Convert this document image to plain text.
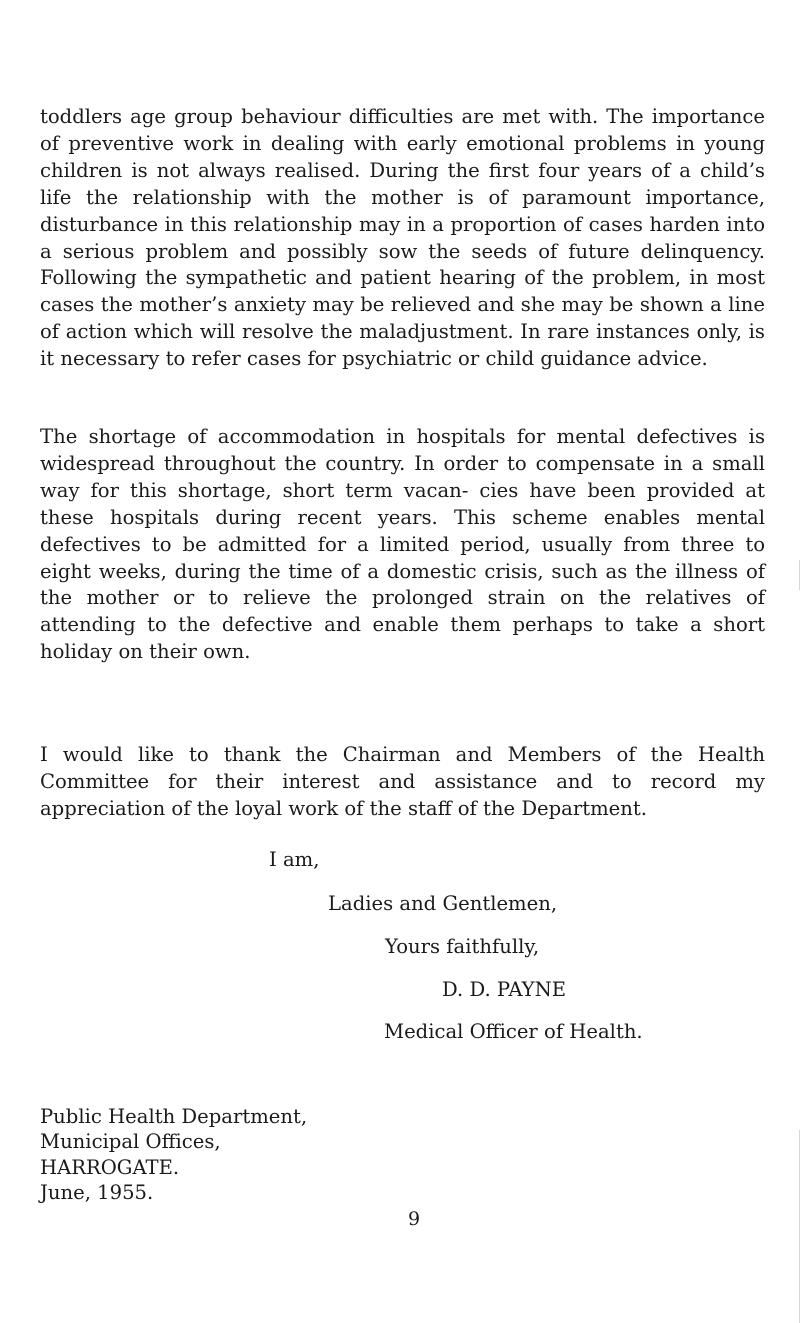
toddlers age group behaviour difficulties are met with. The importance of preventive work in dealing with early emotional problems in young children is not always realised. During the first four years of a child’s life the relationship with the mother is of paramount importance, disturbance in this relationship may in a proportion of cases harden into a serious problem and possibly sow the seeds of future delinquency. Following the sympathetic and patient hearing of the problem, in most cases the mother’s anxiety may be relieved and she may be shown a line of action which will resolve the maladjustment. In rare instances only, is it necessary to refer cases for psychiatric or child guidance advice.

The shortage of accommodation in hospitals for mental defectives is widespread throughout the country. In order to compensate in a small way for this shortage, short term vacan- cies have been provided at these hospitals during recent years. This scheme enables mental defectives to be admitted for a limited period, usually from three to eight weeks, during the time of a domestic crisis, such as the illness of the mother or to relieve the prolonged strain on the relatives of attending to the defective and enable them perhaps to take a short holiday on their own.

I would like to thank the Chairman and Members of the Health Committee for their interest and assistance and to record my appreciation of the loyal work of the staff of the Department.

I am,
Ladies and Gentlemen,
Yours faithfully,
D. D. PAYNE
Medical Officer of Health.
Public Health Department,
Municipal Offices,
HARROGATE.
June, 1955.
9
